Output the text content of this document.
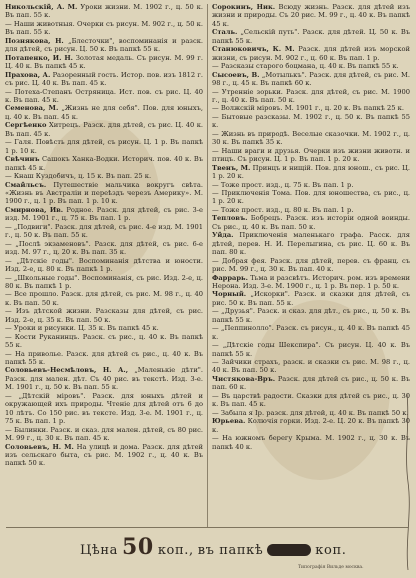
Никольскій, А. М. Уроки жизни. М. 1902 г., ц. 50 к. Въ пап. 55 к.

— Наши животныя. Очерки съ рисун. М. 902 г., ц. 50 к. Въ пап. 55 к.

Познякова, Н. „Блесточки", воспоминанія и разск. для дѣтей, съ рисун. Ц. 50 к. Въ папкѣ 55 к.

Потапенко, И. Н. Золотая медаль. Съ рисун. М. 99 г. Ц. 40 к. Въ папкѣ 45 к.

Прахова, А. Разоренный гость. Истор. пов. изъ 1812 г. съ рис. Ц. 40 к. Въ пап. 45 к.

— Потеха-Степанъ Остряница. Ист. пов. съ рис. Ц. 40 к. Въ пап. 45 к.

Семенова, М. „Жизнь не для себя". Пов. для юныхъ, ц. 40 к. Въ пап. 45 к.

Сергѣенко Хитрецъ. Разск. для дѣтей, съ рис. Ц. 40 к. Въ пап. 45 к.

— Галя. Повѣсть для дѣтей, съ рисун. Ц. 1 р. Въ папкѣ 1 р. 10 к.

Свѣчинъ Сашокъ Ханка-Водки. Историч. пов. 40 к. Въ папкѣ 45 к.

— Кнаш Куздобичъ, ц. 15 к. Въ пап. 25 к.

Смайльсъ. Путешествіе мальчика вокругъ свѣта. «Жизнь въ Австраліи и переѣздъ черезъ Америку». М. 1900 г., ц. 1 р. Въ пап. 1 р. 10 к.

Смирнова, Ив. Родное. Разск. для дѣтей, съ рис. 3-е изд. М. 1901 г., ц. 75 к. Въ пап. 1 р.

— „Подвиги". Разск. для дѣтей, съ рис. 4-е изд. М. 1901 г., ц. 50 к. Въ пап. 55 к.

— „Послѣ экзаменовъ". Разск. для дѣтей, съ рис. 6-е изд. М. 97 г., ц. 20 к. Въ пап. 35 к.

— „Дѣтскіе годы". Воспоминанія дѣтства и юности. Изд. 2-е, ц. 80 к. Въ папкѣ 1 р.

— „Школьные годы". Воспоминанія, съ рис. Изд. 2-е, ц. 80 к. Въ папкѣ 1 р.

— Все прошло. Разск. для дѣтей, съ рис. М. 98 г., ц. 40 к. Въ пап. 50 к.

— Изъ дѣтской жизни. Разсказы для дѣтей, съ рис. Изд. 2-е, ц. 35 к. Въ пап. 50 к.

— Уроки и рисунки. Ц. 35 к. Въ папкѣ 45 к.

— Кости Руканинцъ. Разск. съ рис., ц. 40 к. Въ папкѣ 55 к.

— На приволье. Разск. для дѣтей съ рис., ц. 40 к. Въ папкѣ 55 к.

Соловьевъ-Несмѣловъ, Н. А., „Маленькіе дѣти". Разск. для мален. дѣт. Съ 40 рис. въ текстѣ. Изд. 3-е. М. 1901 г., ц. 50 к. Въ пап. 55 к.

— „Дѣтскій міровъ". Разск. для юныхъ дѣтей и окружающей ихъ природы. Чтеніе для дѣтей отъ 6 до 10 лѣтъ. Со 150 рис. въ тексте. Изд. 3-е. М. 1901 г., ц. 75 к. Въ пап. 1 р.

— Былинки. Разск. и сказ. для мален. дѣтей, съ 80 рис. М. 99 г., ц. 30 к. Въ пап. 45 к.

Соловьевъ, Н. М. На улицѣ и дома. Разск. для дѣтей изъ сельскаго быта, съ рис. М. 1902 г., ц. 40 к. Въ папкѣ 50 к.

Сорокинъ, Ник. Всюду жизнь. Разск. для дѣтей изъ жизни и природы. Съ 20 рис. М. 99 г., ц. 40 к. Въ папкѣ 45 к.

Сталь. „Сельскій путь". Разск. для дѣтей. Ц. 50 к. Въ папкѣ 55 к.

Станюковичъ, К. М. Разск. для дѣтей изъ морской жизни, съ рисун. М. 902 г., ц. 60 к. Въ пап. 1 р.

— Разсказы старого боцмана, ц. 40 к. Въ папкѣ 55 к.

Сысоевъ, В. „Мотылькъ". Разск. для дѣтей, съ рис. М. 98 г., ц. 45 к. Въ папкѣ 60 к.

— Утренніе зорьки. Разск. для дѣтей, съ рис. М. 1900 г., ц. 40 к. Въ пап. 50 к.

— Волжскій міровъ. М. 1901 г., ц. 20 к. Въ папкѣ 25 к.

— Бытовые разсказы. М. 1902 г., ц. 50 к. Въ папкѣ 55 к.

— Жизнь въ природѣ. Веселые сказочки. М. 1902 г., ц. 30 к. Въ папкѣ 35 к.

— Наши враги и друзья. Очерки изъ жизни животн. и птицъ. Съ рисун. Ц. 1 р. Въ пап. 1 р. 20 к.

Твенъ, М. Принцъ и нищій. Пов. для юнош., съ рис. Ц. 1 р. 20 к.

— Тоже прост. изд., ц. 75 к. Въ пап. 1 р.

— Приключенія Тома. Пов. для юношества, съ рис., ц. 1 р. 20 к.

— Тоже прост. изд., ц. 80 к. Въ пап. 1 р.

Тепловъ. Бобрецъ. Разск. изъ исторіи одной воинды. Съ рис., ц. 40 к. Въ пап. 50 к.

Уйда. Приключенія маленькаго графа. Расск. для дѣтей, перев. Н. И. Перелыгина, съ рис. Ц. 60 к. Въ пап. 80 к.

— Добрая фея. Разск. для дѣтей, перев. съ франц. съ рис. М. 99 г., ц. 30 к. Въ пап. 40 к.

Фаррарь. Тьма и разсвѣтъ. Историч. ром. изъ времени Нерона. Изд. 3-е. М. 1900 г., ц. 1 р. Въ пер. 1 р. 50 к.

Чорный. „Искорки". Разск. и сказки для дѣтей, съ рис. 50 к. Въ пап. 55 к.

— „Друзья". Разск. и сказ. для дѣт., съ рис., ц. 50 к. Въ папкѣ 55 к.

— „Пеппинолло". Разск. съ рисун., ц. 40 к. Въ папкѣ 45 к.

— „Дѣтскіе годы Шекспира". Съ рисун. Ц. 40 к. Въ папкѣ 55 к.

— Зайчики страхъ, разск. и сказки съ рис. М. 98 г., ц. 40 к. Въ пап. 50 к.

Чистякова-Връ. Разск. для дѣтей съ рис., ц. 50 к. Въ пап. 60 к.

— Въ царствѣ радости. Сказки для дѣтей съ рис., ц. 30 к. Въ пап. 45 к.

— Забыла я Ір. разск. для дѣтей, ц. 40 к. Въ папкѣ 50 к.

Юрьева. Колючія горки. Изд. 2-е. Ц. 20 к. Въ папкѣ 30 к.

— На южномъ берегу Крыма. М. 1902 г., ц. 30 к. Въ папкѣ 40 к.

Цѣна 50 коп., въ папкѣ	коп.
Типографія Вильде москва.
